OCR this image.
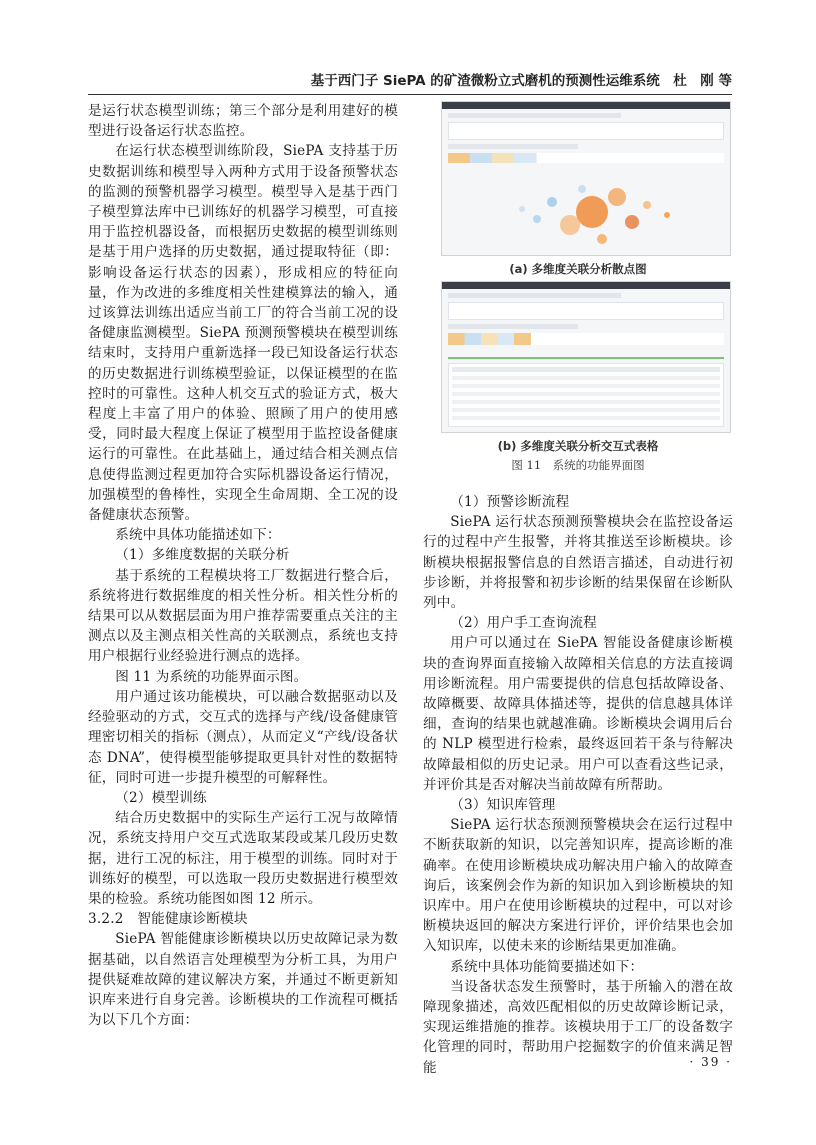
基于西门子 SiePA 的矿渣微粉立式磨机的预测性运维系统　杜　刚 等

是运行状态模型训练；第三个部分是利用建好的模型进行设备运行状态监控。

在运行状态模型训练阶段，SiePA 支持基于历史数据训练和模型导入两种方式用于设备预警状态的监测的预警机器学习模型。模型导入是基于西门子模型算法库中已训练好的机器学习模型，可直接用于监控机器设备，而根据历史数据的模型训练则是基于用户选择的历史数据，通过提取特征（即：影响设备运行状态的因素），形成相应的特征向量，作为改进的多维度相关性建模算法的输入，通过该算法训练出适应当前工厂的符合当前工况的设备健康监测模型。SiePA 预测预警模块在模型训练结束时，支持用户重新选择一段已知设备运行状态的历史数据进行训练模型验证，以保证模型的在监控时的可靠性。这种人机交互式的验证方式，极大程度上丰富了用户的体验、照顾了用户的使用感受，同时最大程度上保证了模型用于监控设备健康运行的可靠性。在此基础上，通过结合相关测点信息使得监测过程更加符合实际机器设备运行情况，加强模型的鲁棒性，实现全生命周期、全工况的设备健康状态预警。

系统中具体功能描述如下：

（1）多维度数据的关联分析

基于系统的工程模块将工厂数据进行整合后，系统将进行数据维度的相关性分析。相关性分析的结果可以从数据层面为用户推荐需要重点关注的主测点以及主测点相关性高的关联测点，系统也支持用户根据行业经验进行测点的选择。

图 11 为系统的功能界面示图。

用户通过该功能模块，可以融合数据驱动以及经验驱动的方式，交互式的选择与产线/设备健康管理密切相关的指标（测点），从而定义“产线/设备状态 DNA”，使得模型能够提取更具针对性的数据特征，同时可进一步提升模型的可解释性。

（2）模型训练

结合历史数据中的实际生产运行工况与故障情况，系统支持用户交互式选取某段或某几段历史数据，进行工况的标注，用于模型的训练。同时对于训练好的模型，可以选取一段历史数据进行模型效果的检验。系统功能图如图 12 所示。

3.2.2　智能健康诊断模块

SiePA 智能健康诊断模块以历史故障记录为数据基础，以自然语言处理模型为分析工具，为用户提供疑难故障的建议解决方案，并通过不断更新知识库来进行自身完善。诊断模块的工作流程可概括为以下几个方面：

(a) 多维度关联分析散点图
(b) 多维度关联分析交互式表格
图 11　系统的功能界面图

（1）预警诊断流程

SiePA 运行状态预测预警模块会在监控设备运行的过程中产生报警，并将其推送至诊断模块。诊断模块根据报警信息的自然语言描述，自动进行初步诊断，并将报警和初步诊断的结果保留在诊断队列中。

（2）用户手工查询流程

用户可以通过在 SiePA 智能设备健康诊断模块的查询界面直接输入故障相关信息的方法直接调用诊断流程。用户需要提供的信息包括故障设备、故障概要、故障具体描述等，提供的信息越具体详细，查询的结果也就越准确。诊断模块会调用后台的 NLP 模型进行检索，最终返回若干条与待解决故障最相似的历史记录。用户可以查看这些记录，并评价其是否对解决当前故障有所帮助。

（3）知识库管理

SiePA 运行状态预测预警模块会在运行过程中不断获取新的知识，以完善知识库，提高诊断的准确率。在使用诊断模块成功解决用户输入的故障查询后，该案例会作为新的知识加入到诊断模块的知识库中。用户在使用诊断模块的过程中，可以对诊断模块返回的解决方案进行评价，评价结果也会加入知识库，以使未来的诊断结果更加准确。

系统中具体功能简要描述如下：

当设备状态发生预警时，基于所输入的潜在故障现象描述，高效匹配相似的历史故障诊断记录，实现运维措施的推荐。该模块用于工厂的设备数字化管理的同时，帮助用户挖掘数字的价值来满足智能	· 39 ·
